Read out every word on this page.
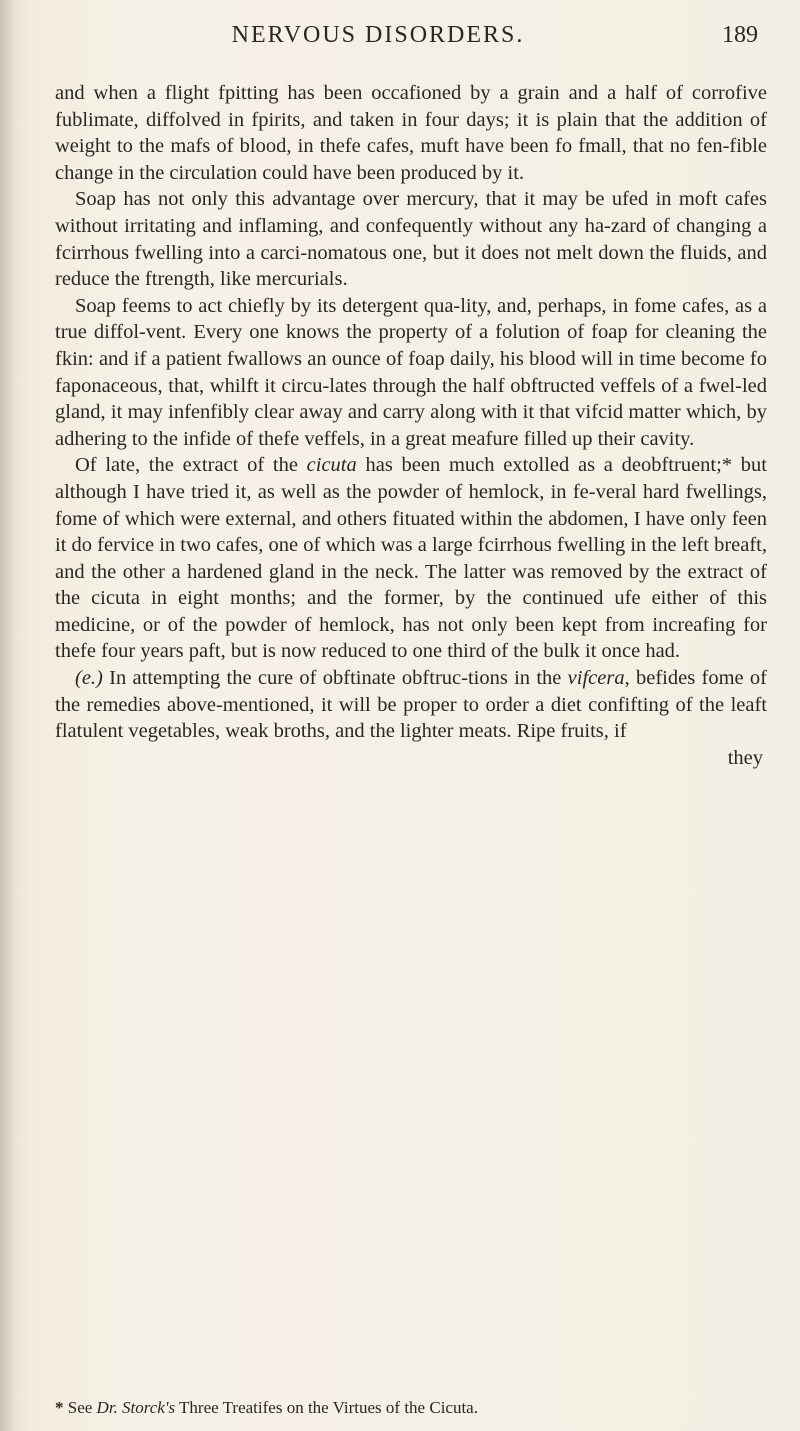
NERVOUS DISORDERS.	189

and when a flight fpitting has been occafioned by a grain and a half of corrofive fublimate, diffolved in fpirits, and taken in four days; it is plain that the addition of weight to the mafs of blood, in thefe cafes, muft have been fo fmall, that no fen-fible change in the circulation could have been produced by it.

Soap has not only this advantage over mercury, that it may be ufed in moft cafes without irritating and inflaming, and confequently without any ha-zard of changing a fcirrhous fwelling into a carci-nomatous one, but it does not melt down the fluids, and reduce the ftrength, like mercurials.

Soap feems to act chiefly by its detergent qua-lity, and, perhaps, in fome cafes, as a true diffol-vent. Every one knows the property of a folution of foap for cleaning the fkin: and if a patient fwallows an ounce of foap daily, his blood will in time become fo faponaceous, that, whilft it circu-lates through the half obftructed veffels of a fwel-led gland, it may infenfibly clear away and carry along with it that vifcid matter which, by adhering to the infide of thefe veffels, in a great meafure filled up their cavity.

Of late, the extract of the cicuta has been much extolled as a deobftruent;* but although I have tried it, as well as the powder of hemlock, in fe-veral hard fwellings, fome of which were external, and others fituated within the abdomen, I have only feen it do fervice in two cafes, one of which was a large fcirrhous fwelling in the left breaft, and the other a hardened gland in the neck. The latter was removed by the extract of the cicuta in eight months; and the former, by the continued ufe either of this medicine, or of the powder of hemlock, has not only been kept from increafing for thefe four years paft, but is now reduced to one third of the bulk it once had.

(e.) In attempting the cure of obftinate obftruc-tions in the vifcera, befides fome of the remedies above-mentioned, it will be proper to order a diet confifting of the leaft flatulent vegetables, weak broths, and the lighter meats. Ripe fruits, if

they
* See Dr. Storck's Three Treatifes on the Virtues of the Cicuta.
